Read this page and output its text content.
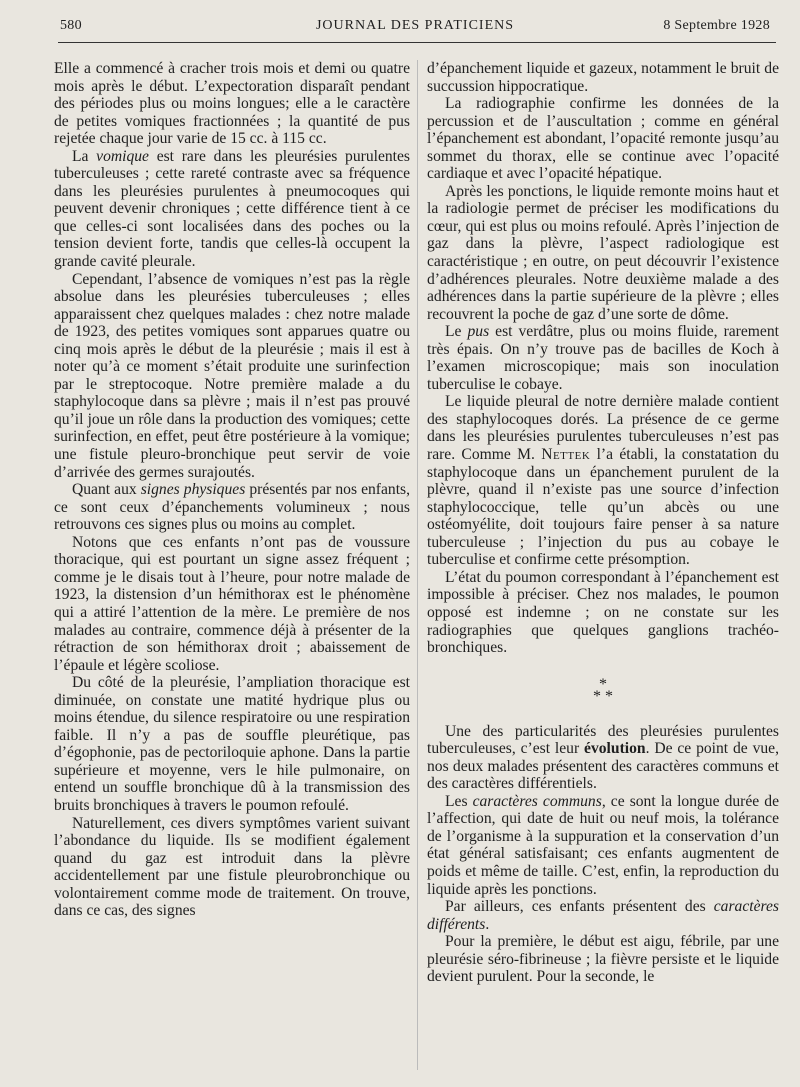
580	JOURNAL DES PRATICIENS	8 Septembre 1928

Elle a commencé à cracher trois mois et demi ou quatre mois après le début. L’expectoration disparaît pendant des périodes plus ou moins longues; elle a le caractère de petites vomiques fractionnées ; la quantité de pus rejetée chaque jour varie de 15 cc. à 115 cc.

La vomique est rare dans les pleurésies purulentes tuberculeuses ; cette rareté contraste avec sa fréquence dans les pleurésies purulentes à pneumocoques qui peuvent devenir chroniques ; cette différence tient à ce que celles-ci sont localisées dans des poches ou la tension devient forte, tandis que celles-là occupent la grande cavité pleurale.

Cependant, l’absence de vomiques n’est pas la règle absolue dans les pleurésies tuberculeuses ; elles apparaissent chez quelques malades : chez notre malade de 1923, des petites vomiques sont apparues quatre ou cinq mois après le début de la pleurésie ; mais il est à noter qu’à ce moment s’était produite une surinfection par le streptocoque. Notre première malade a du staphylocoque dans sa plèvre ; mais il n’est pas prouvé qu’il joue un rôle dans la production des vomiques; cette surinfection, en effet, peut être postérieure à la vomique; une fistule pleuro-bronchique peut servir de voie d’arrivée des germes surajoutés.

Quant aux signes physiques présentés par nos enfants, ce sont ceux d’épanchements volumineux ; nous retrouvons ces signes plus ou moins au complet.

Notons que ces enfants n’ont pas de voussure thoracique, qui est pourtant un signe assez fréquent ; comme je le disais tout à l’heure, pour notre malade de 1923, la distension d’un hémithorax est le phénomène qui a attiré l’attention de la mère. Le première de nos malades au contraire, commence déjà à présenter de la rétraction de son hémithorax droit ; abaissement de l’épaule et légère scoliose.

Du côté de la pleurésie, l’ampliation thoracique est diminuée, on constate une matité hydrique plus ou moins étendue, du silence respiratoire ou une respiration faible. Il n’y a pas de souffle pleurétique, pas d’égophonie, pas de pectoriloquie aphone. Dans la partie supérieure et moyenne, vers le hile pulmonaire, on entend un souffle bronchique dû à la transmission des bruits bronchiques à travers le poumon refoulé.

Naturellement, ces divers symptômes varient suivant l’abondance du liquide. Ils se modifient également quand du gaz est introduit dans la plèvre accidentellement par une fistule pleurobronchique ou volontairement comme mode de traitement. On trouve, dans ce cas, des signes

d’épanchement liquide et gazeux, notamment le bruit de succussion hippocratique.

La radiographie confirme les données de la percussion et de l’auscultation ; comme en général l’épanchement est abondant, l’opacité remonte jusqu’au sommet du thorax, elle se continue avec l’opacité cardiaque et avec l’opacité hépatique.

Après les ponctions, le liquide remonte moins haut et la radiologie permet de préciser les modifications du cœur, qui est plus ou moins refoulé. Après l’injection de gaz dans la plèvre, l’aspect radiologique est caractéristique ; en outre, on peut découvrir l’existence d’adhérences pleurales. Notre deuxième malade a des adhérences dans la partie supérieure de la plèvre ; elles recouvrent la poche de gaz d’une sorte de dôme.

Le pus est verdâtre, plus ou moins fluide, rarement très épais. On n’y trouve pas de bacilles de Koch à l’examen microscopique; mais son inoculation tuberculise le cobaye.

Le liquide pleural de notre dernière malade contient des staphylocoques dorés. La présence de ce germe dans les pleurésies purulentes tuberculeuses n’est pas rare. Comme M. Nettek l’a établi, la constatation du staphylocoque dans un épanchement purulent de la plèvre, quand il n’existe pas une source d’infection staphylococcique, telle qu’un abcès ou une ostéomyélite, doit toujours faire penser à sa nature tuberculeuse ; l’injection du pus au cobaye le tuberculise et confirme cette présomption.

L’état du poumon correspondant à l’épanchement est impossible à préciser. Chez nos malades, le poumon opposé est indemne ; on ne constate sur les radiographies que quelques ganglions trachéo-bronchiques.

*
* *

Une des particularités des pleurésies purulentes tuberculeuses, c’est leur évolution. De ce point de vue, nos deux malades présentent des caractères communs et des caractères différentiels.

Les caractères communs, ce sont la longue durée de l’affection, qui date de huit ou neuf mois, la tolérance de l’organisme à la suppuration et la conservation d’un état général satisfaisant; ces enfants augmentent de poids et même de taille. C’est, enfin, la reproduction du liquide après les ponctions.

Par ailleurs, ces enfants présentent des caractères différents.

Pour la première, le début est aigu, fébrile, par une pleurésie séro-fibrineuse ; la fièvre persiste et le liquide devient purulent. Pour la seconde, le
